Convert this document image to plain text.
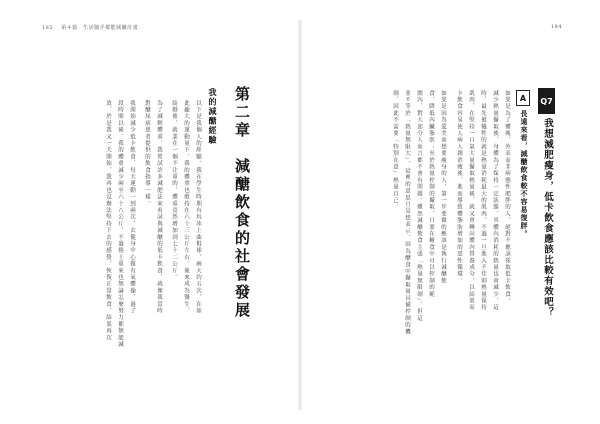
185 第４篇　生活隨手都能減醣計畫
第二章　減醣飲食的社會發展
我的減醣經驗
以下是我個人的經驗。我在學生時期有玩冰上曲棍球，兩大約五次，在如
此龐大的運動量下，我的體重也維持在六十三公斤左右。後來成為醫生，
結婚後，就業在一個不注重的，體重竟然增加到七十二公斤。
為了減輕體重，我嘗試許多減肥法來看試與減醣的低卡飲食，就像我當時
對醣尿病患者提供的飲食指導一樣。
我開始減少低卡飲食，每天運動一到兩次，去健身中心做有氧體操，過了
段時間以後，我的體重減少兩至六十八公斤，不過捲土重來也無論怎麼努力都無能減
效，於是我又一天開始，我再也沒辦法堅持下去的感覺，恢復正常飲食，結果再次
184
Q7
我想減肥瘦身，低卡飲食應該比較有效吧？
A
長遠來看，減醣飲食較不容易復胖。
如果是為了體瘦，外表而非病態性肥胖的人，絕對不應該採取低卡飲食。
減少熱量攝取後，身體為了保持一定狀態，其體內消耗的熱量也會減少，這
時，最先被犧牲的就是熱量消耗最大的肌肉，不過一旦進入不佳則熱量保持
肌肉，在堅持一口氣大量攝取熱量後，就又會轉向體內營養成分，以結果而
卡飲食容易使人病人創消瘦後，進而導致體脂肪增加的惡性循環。
如果是因為愛美而想要瘦身的人，第一步要做的應該是執行減醣飲
食，降低內臟脂肪；至於熱量控制的攝取，只要在糖食中可以控制的範
圍內，對大部分人而言都不會有問題。雖然減醣飲食主張「熱量無限制」，但這
並不等於「熱量無限大」，這裡的意思只是想表示，因為醣食中攝取量具備控制的機
制，因此不需要「特別在意」熱量自己。
